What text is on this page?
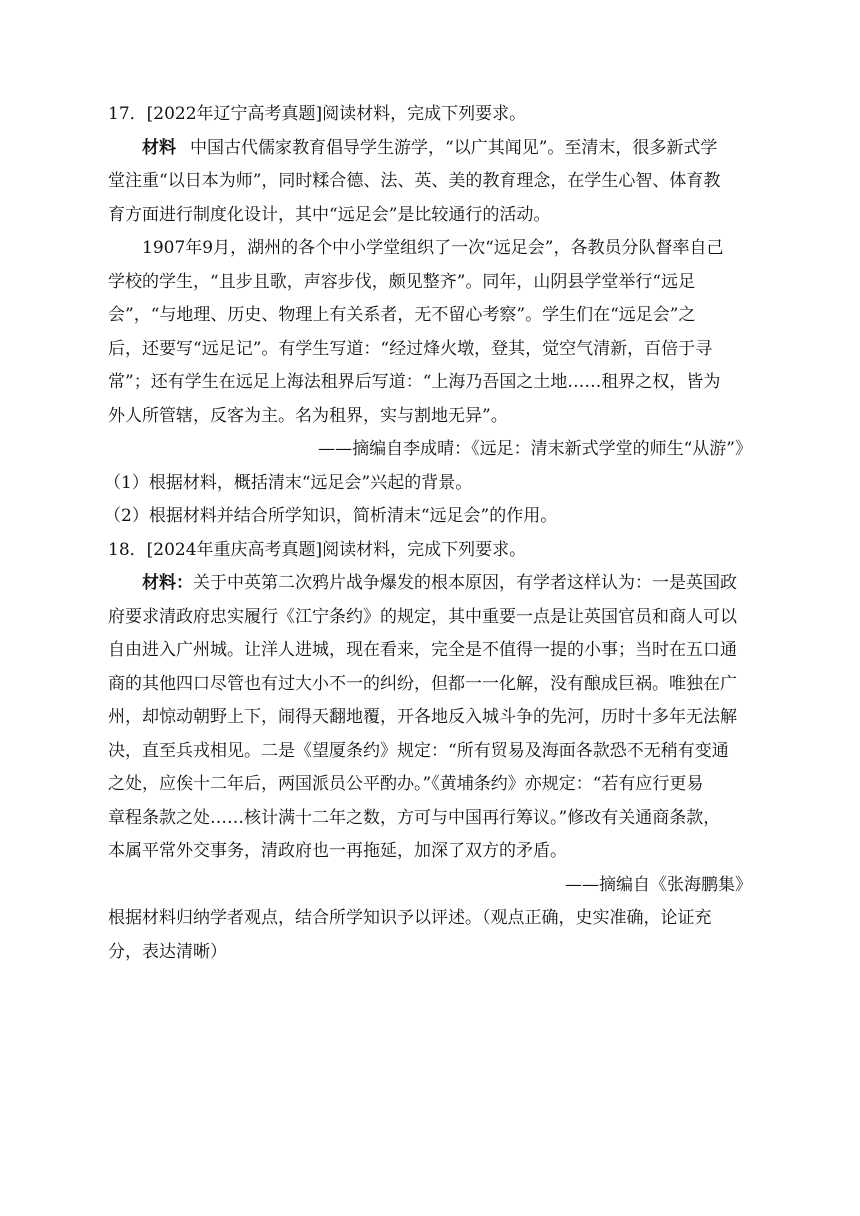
17．[2022年辽宁高考真题]阅读材料，完成下列要求。

材料 中国古代儒家教育倡导学生游学，“以广其闻见”。至清末，很多新式学

堂注重“以日本为师”，同时糅合德、法、英、美的教育理念，在学生心智、体育教

育方面进行制度化设计，其中“远足会”是比较通行的活动。

1907年9月，湖州的各个中小学堂组织了一次“远足会”，各教员分队督率自己

学校的学生，“且步且歌，声容步伐，颇见整齐”。同年，山阴县学堂举行“远足

会”，“与地理、历史、物理上有关系者，无不留心考察”。学生们在“远足会”之

后，还要写“远足记”。有学生写道：“经过烽火墩，登其，觉空气清新，百倍于寻

常”；还有学生在远足上海法租界后写道：“上海乃吾国之土地……租界之权，皆为

外人所管辖，反客为主。名为租界，实与割地无异”。

——摘编自李成晴：《远足：清末新式学堂的师生“从游”》

（1）根据材料，概括清末“远足会”兴起的背景。

（2）根据材料并结合所学知识，简析清末“远足会”的作用。

18．[2024年重庆高考真题]阅读材料，完成下列要求。

材料：关于中英第二次鸦片战争爆发的根本原因，有学者这样认为：一是英国政

府要求清政府忠实履行《江宁条约》的规定，其中重要一点是让英国官员和商人可以

自由进入广州城。让洋人进城，现在看来，完全是不值得一提的小事；当时在五口通

商的其他四口尽管也有过大小不一的纠纷，但都一一化解，没有酿成巨祸。唯独在广

州，却惊动朝野上下，闹得天翻地覆，开各地反入城斗争的先河，历时十多年无法解

决，直至兵戎相见。二是《望厦条约》规定：“所有贸易及海面各款恐不无稍有变通

之处，应俟十二年后，两国派员公平酌办。”《黄埔条约》亦规定：“若有应行更易

章程条款之处……核计满十二年之数，方可与中国再行筹议。”修改有关通商条款，

本属平常外交事务，清政府也一再拖延，加深了双方的矛盾。

——摘编自《张海鹏集》

根据材料归纳学者观点，结合所学知识予以评述。（观点正确，史实准确，论证充

分，表达清晰）
